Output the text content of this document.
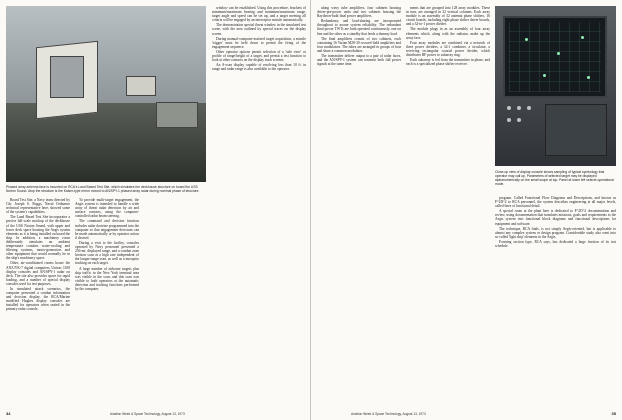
Phased array antenna face is mounted on RCA's Land Based Test Site, which simulates the deckhouse structure on board the USS Norton Sound. Atop the structure is the Kaiser-type mirror moved to AN/SPY-1 phased array radar during nominal phase of structure.

Board Test Site, a Navy team directed by Cdr. Joseph S. Boggs, Naval Ordnance technical representative here, showed some of the system's capabilities.

The Land Based Test Site incorporates a precise full-scale mockup of the deckhouse of the USS Norton Sound, with upper and lower deck space housing the Aegis system elements as it is being installed on board the ship. In addition, a machinery room deliberately simulates an ambient temperature contains water-cooling and filtering systems, motor-generators and other equipment that would normally be in the ship's machinery space.

Other, air-conditioned rooms house the AN/UYK-7 digital computers, Univac 1108 display consoles and AN/SPY-1 radar on deck. The site also provides space for rapid loading, and a number of special display consoles used for test purposes.

In simulated attack scenarios, the computer presented a combat information and decision display, the RCA/Marine modified Hughes display consoles are installed for operators when seated in the primary radar console.

To provide multi-target engagement, the Aegis system is intended to handle a wide array of threat radar detection by air and surface contacts, using the computer-controlled radar beam steering.

The command and decision function includes radar doctrine programmed into the computer so that engagement decisions can be made automatically or by operator action if desired.

During a visit to the facility, consoles operated by Navy personnel presented a 256-mi. displayed range, and a combat zone horizon scan at a high rate independent of the longer-range scan, as well as a mosquito tracking on each target.

A large number of airborne targets plus ship traffic in the New York terminal area was visible in the scan, and this scan was visible to both operators at the automatic detection and tracking functions performed by the computer.

window can be established. Using this procedure, brackets of minimum/maximum bearing and minimum/maximum range, target angle and speed can be set up, and a target meeting all criteria will be engaged by an interceptor missile automatically.

The demonstration special threat window in the simulated test scene, with the area outlined by special traces on the display screen.

During manual-computer-assisted target acquisition, a missile 'trigger' must be held down to permit the firing of the engagement sequence.

Other operator options permit selection of a 'side view' or profile of range/height of a target, and permit a test function to look at other contacts on the display track screens.

An A-scan display capable of resolving less than 10 ft. in range and radar range is also available to the operator.

34	Aviation Week & Space Technology, August 13, 1973

along wavy tube amplifiers, four cabinets housing driver-pre-power units and two cabinets housing the Raytheon-built final power amplifiers.

Redundancy and load-sharing are incorporated throughout to assure system reliability. The redundant final power TWTs are both operated continuously, one on line and the other as a standby that feeds a dummy load.

The final amplifiers consist of two cabinets, each containing 16 Varian M28-30 crossed-field amplifiers and four modulators. The tubes are arranged in groups of four and share a common modulator.

The transmitter deliver output to a pair of radar faces, and the AN/SPY-1 system can transmit both full power signals at the same time.

ments that are grouped into 128 array modules. These in turn, are arranged in 32 vertical columns. Each array module is an assembly of 32 antenna phase shifters, 16 circuit boards, including eight phase shifter driver boards, and a 32-to-1 power divider.

The module plugs in as an assembly of four array elements which, along with the radiator, make up the array face.

Four array modules are combined via a network of three power dividers, a 32:1 combiner, a circulator, a receiving rectangular coaxial power divider, which distributes RF power to subarray ring.

Each subarray is fed from the transmitter in phase, and each is a specialized phase shifter receiver.

Close-up view of display console shows sampling of typical symbology that operator may call up. Parameters of selected target may be displayed alphanumerically on the small scope at top. Panel at lower left selects operational mode.

program. Called Functional Flow Diagrams and Descriptions, and known as F^2D^2 to RCA personnel, the system describes engineering at all major levels, called lines of functional detail.

A special room at the plant here is dedicated to F^2D^2 documentation and review, using documentation that translates missions, goals and requirements to the Aegis system into functional block diagrams and functional descriptions for equipment and software.

The technique, RCA finds, is not simply Aegis-oriented, but is applicable to almost any complex system or design program. Considerable study also went into so-called 'light ship' elements in the Aegis.

Forming section type, RCA says, has dedicated a large fraction of its test schedule.

Aviation Week & Space Technology, August 13, 1973	35
